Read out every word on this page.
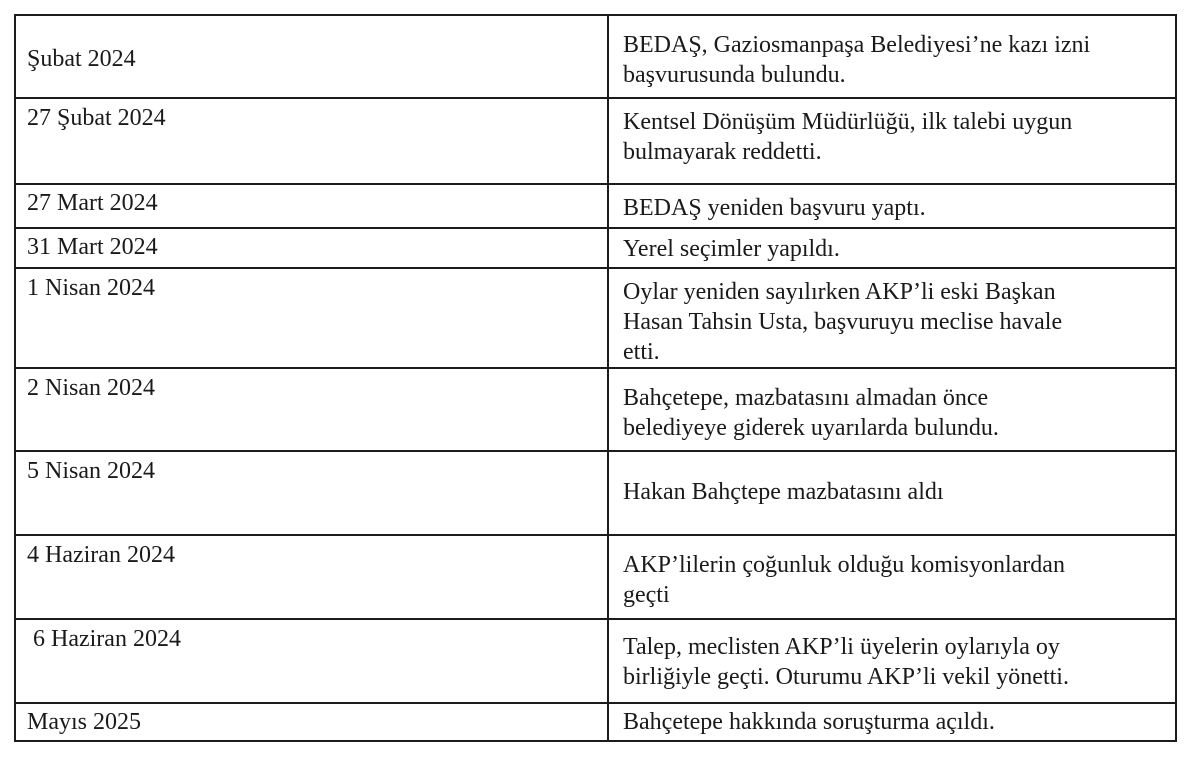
Şubat 2024	BEDAŞ, Gaziosmanpaşa Belediyesi’ne kazı izni
başvurusunda bulundu.

27 Şubat 2024	Kentsel Dönüşüm Müdürlüğü, ilk talebi uygun
bulmayarak reddetti.

27 Mart 2024	BEDAŞ yeniden başvuru yaptı.

31 Mart 2024	Yerel seçimler yapıldı.

1 Nisan 2024	Oylar yeniden sayılırken AKP’li eski Başkan
Hasan Tahsin Usta, başvuruyu meclise havale
etti.

2 Nisan 2024	Bahçetepe, mazbatasını almadan önce
belediyeye giderek uyarılarda bulundu.

5 Nisan 2024	Hakan Bahçtepe mazbatasını aldı

4 Haziran 2024	AKP’lilerin çoğunluk olduğu komisyonlardan
geçti

6 Haziran 2024	Talep, meclisten AKP’li üyelerin oylarıyla oy
birliğiyle geçti. Oturumu AKP’li vekil yönetti.

Mayıs 2025	Bahçetepe hakkında soruşturma açıldı.
